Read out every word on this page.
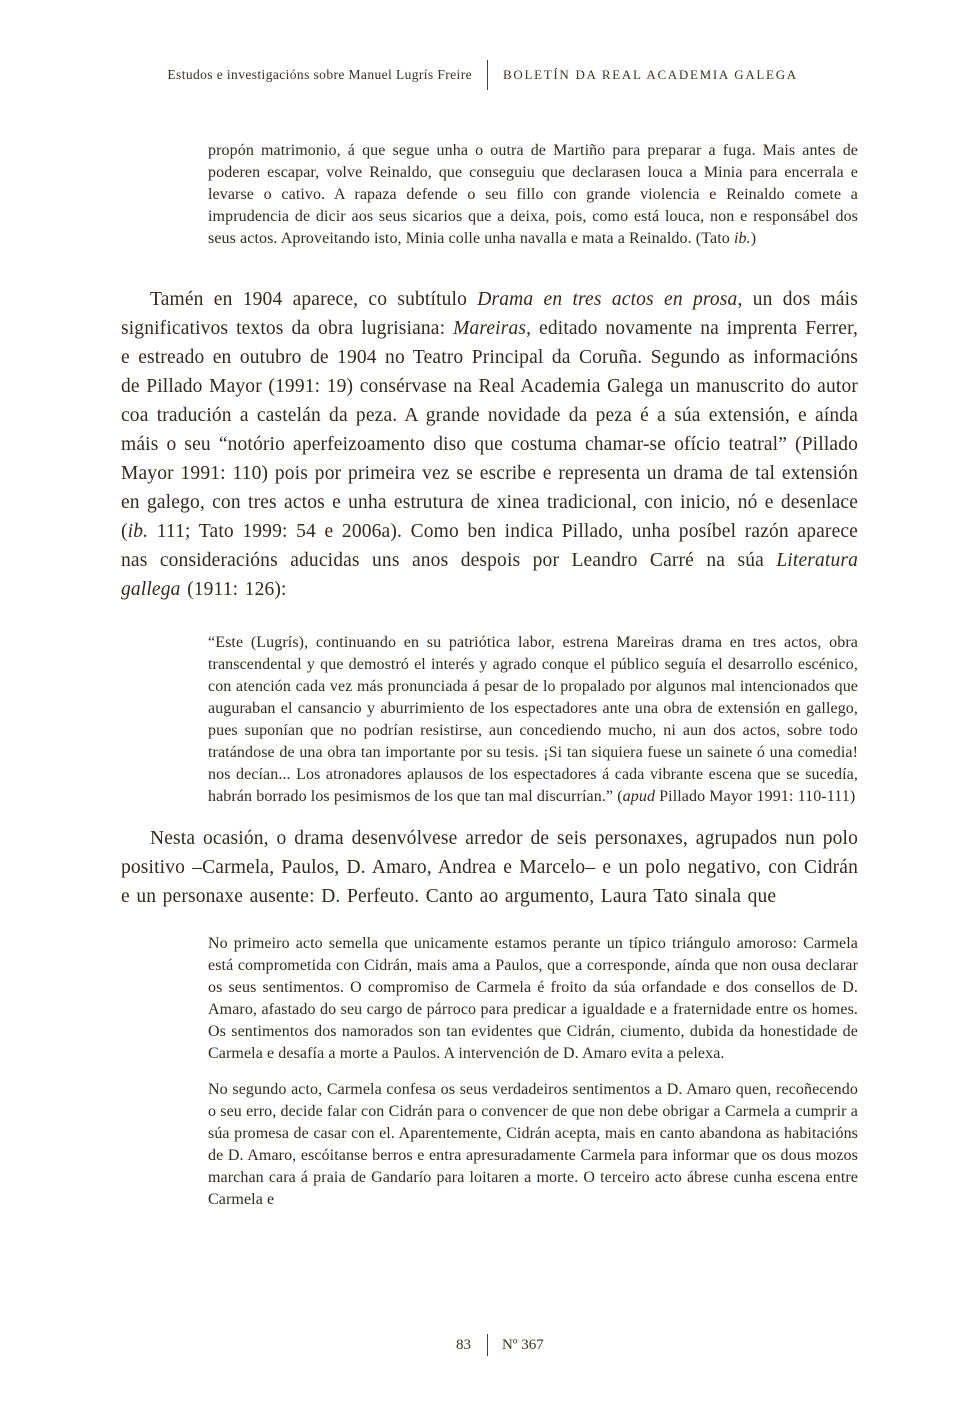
Estudos e investigacións sobre Manuel Lugrís Freire	BOLETÍN DA REAL ACADEMIA GALEGA

propón matrimonio, á que segue unha o outra de Martiño para preparar a fuga. Mais antes de poderen escapar, volve Reinaldo, que conseguiu que declarasen louca a Minia para encerrala e levarse o cativo. A rapaza defende o seu fillo con grande violencia e Reinaldo comete a imprudencia de dicir aos seus sicarios que a deixa, pois, como está louca, non e responsábel dos seus actos. Aproveitando isto, Minia colle unha navalla e mata a Reinaldo. (Tato ib.)

Tamén en 1904 aparece, co subtítulo Drama en tres actos en prosa, un dos máis significativos textos da obra lugrisiana: Mareiras, editado novamente na imprenta Ferrer, e estreado en outubro de 1904 no Teatro Principal da Coruña. Segundo as informacións de Pillado Mayor (1991: 19) consérvase na Real Academia Galega un manuscrito do autor coa tradución a castelán da peza. A grande novidade da peza é a súa extensión, e aínda máis o seu “notório aperfeizoamento diso que costuma chamar-se ofício teatral” (Pillado Mayor 1991: 110) pois por primeira vez se escribe e representa un drama de tal extensión en galego, con tres actos e unha estrutura de xinea tradicional, con inicio, nó e desenlace (ib. 111; Tato 1999: 54 e 2006a). Como ben indica Pillado, unha posíbel razón aparece nas consideracións aducidas uns anos despois por Leandro Carré na súa Literatura gallega (1911: 126):

“Este (Lugrís), continuando en su patriótica labor, estrena Mareiras drama en tres actos, obra transcendental y que demostró el interés y agrado conque el público seguía el desarrollo escénico, con atención cada vez más pronunciada á pesar de lo propalado por algunos mal intencionados que auguraban el cansancio y aburrimiento de los espectadores ante una obra de extensión en gallego, pues suponían que no podrían resistirse, aun concediendo mucho, ni aun dos actos, sobre todo tratándose de una obra tan importante por su tesis. ¡Si tan siquiera fuese un sainete ó una comedia! nos decían... Los atronadores aplausos de los espectadores á cada vibrante escena que se sucedía, habrán borrado los pesimismos de los que tan mal discurrían.” (apud Pillado Mayor 1991: 110-111)

Nesta ocasión, o drama desenvólvese arredor de seis personaxes, agrupados nun polo positivo –Carmela, Paulos, D. Amaro, Andrea e Marcelo– e un polo negativo, con Cidrán e un personaxe ausente: D. Perfeuto. Canto ao argumento, Laura Tato sinala que

No primeiro acto semella que unicamente estamos perante un típico triángulo amoroso: Carmela está comprometida con Cidrán, mais ama a Paulos, que a corresponde, aínda que non ousa declarar os seus sentimentos. O compromiso de Carmela é froito da súa orfandade e dos consellos de D. Amaro, afastado do seu cargo de párroco para predicar a igualdade e a fraternidade entre os homes. Os sentimentos dos namorados son tan evidentes que Cidrán, ciumento, dubida da honestidade de Carmela e desafía a morte a Paulos. A intervención de D. Amaro evita a pelexa.

No segundo acto, Carmela confesa os seus verdadeiros sentimentos a D. Amaro quen, recoñecendo o seu erro, decide falar con Cidrán para o convencer de que non debe obrigar a Carmela a cumprir a súa promesa de casar con el. Aparentemente, Cidrán acepta, mais en canto abandona as habitacións de D. Amaro, escóitanse berros e entra apresuradamente Carmela para informar que os dous mozos marchan cara á praia de Gandarío para loitaren a morte. O terceiro acto ábrese cunha escena entre Carmela e

83	Nº 367
